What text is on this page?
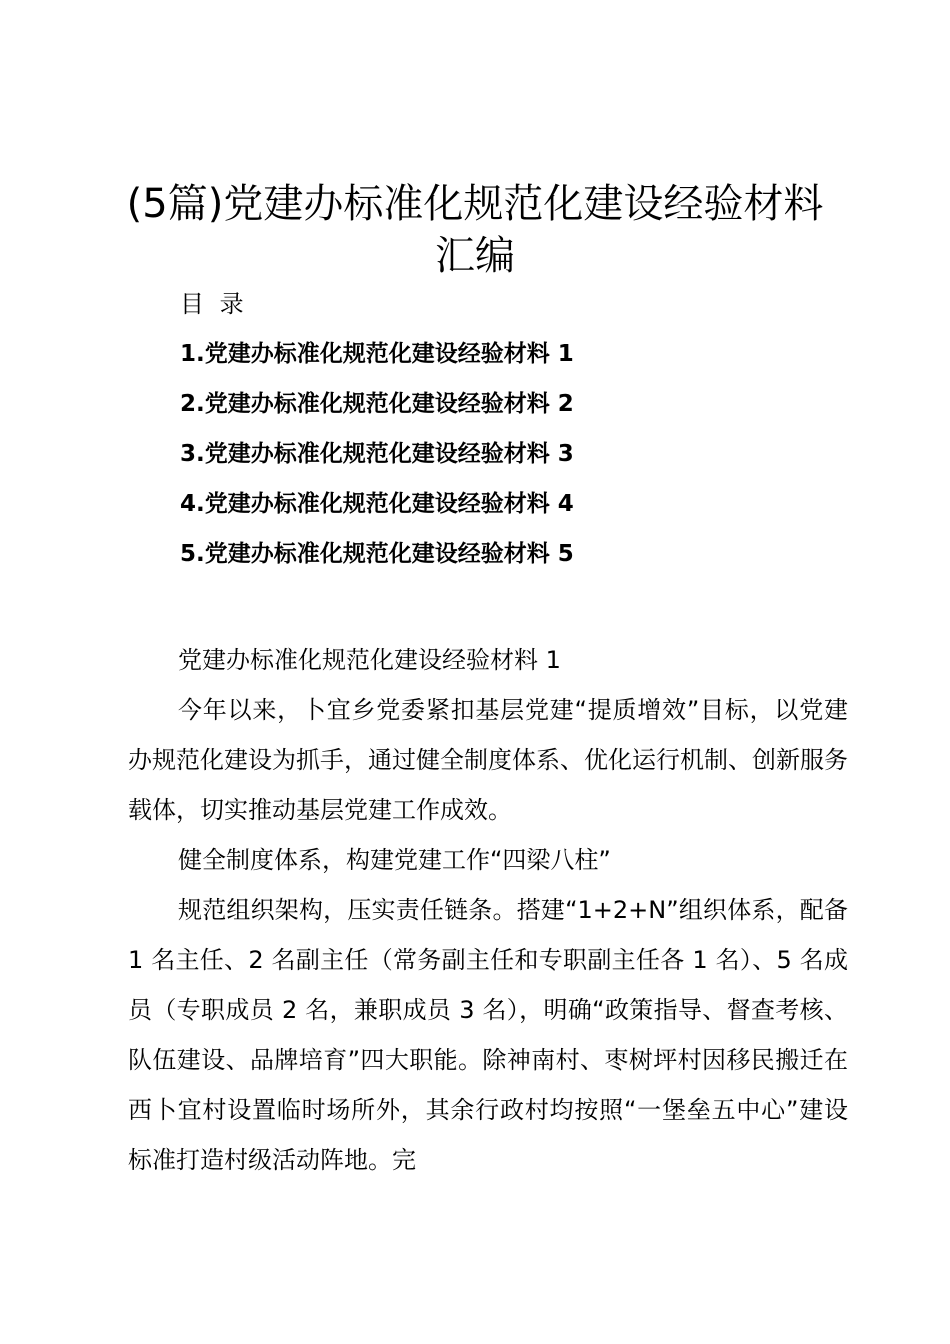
(5篇)党建办标准化规范化建设经验材料汇编
目 录
1.党建办标准化规范化建设经验材料 1
2.党建办标准化规范化建设经验材料 2
3.党建办标准化规范化建设经验材料 3
4.党建办标准化规范化建设经验材料 4
5.党建办标准化规范化建设经验材料 5

党建办标准化规范化建设经验材料 1

今年以来，卜宜乡党委紧扣基层党建“提质增效”目标，以党建办规范化建设为抓手，通过健全制度体系、优化运行机制、创新服务载体，切实推动基层党建工作成效。

健全制度体系，构建党建工作“四梁八柱”

规范组织架构，压实责任链条。搭建“1+2+N”组织体系，配备 1 名主任、2 名副主任（常务副主任和专职副主任各 1 名）、5 名成员（专职成员 2 名，兼职成员 3 名），明确“政策指导、督查考核、队伍建设、品牌培育”四大职能。除神南村、枣树坪村因移民搬迁在西卜宜村设置临时场所外，其余行政村均按照“一堡垒五中心”建设标准打造村级活动阵地。完
